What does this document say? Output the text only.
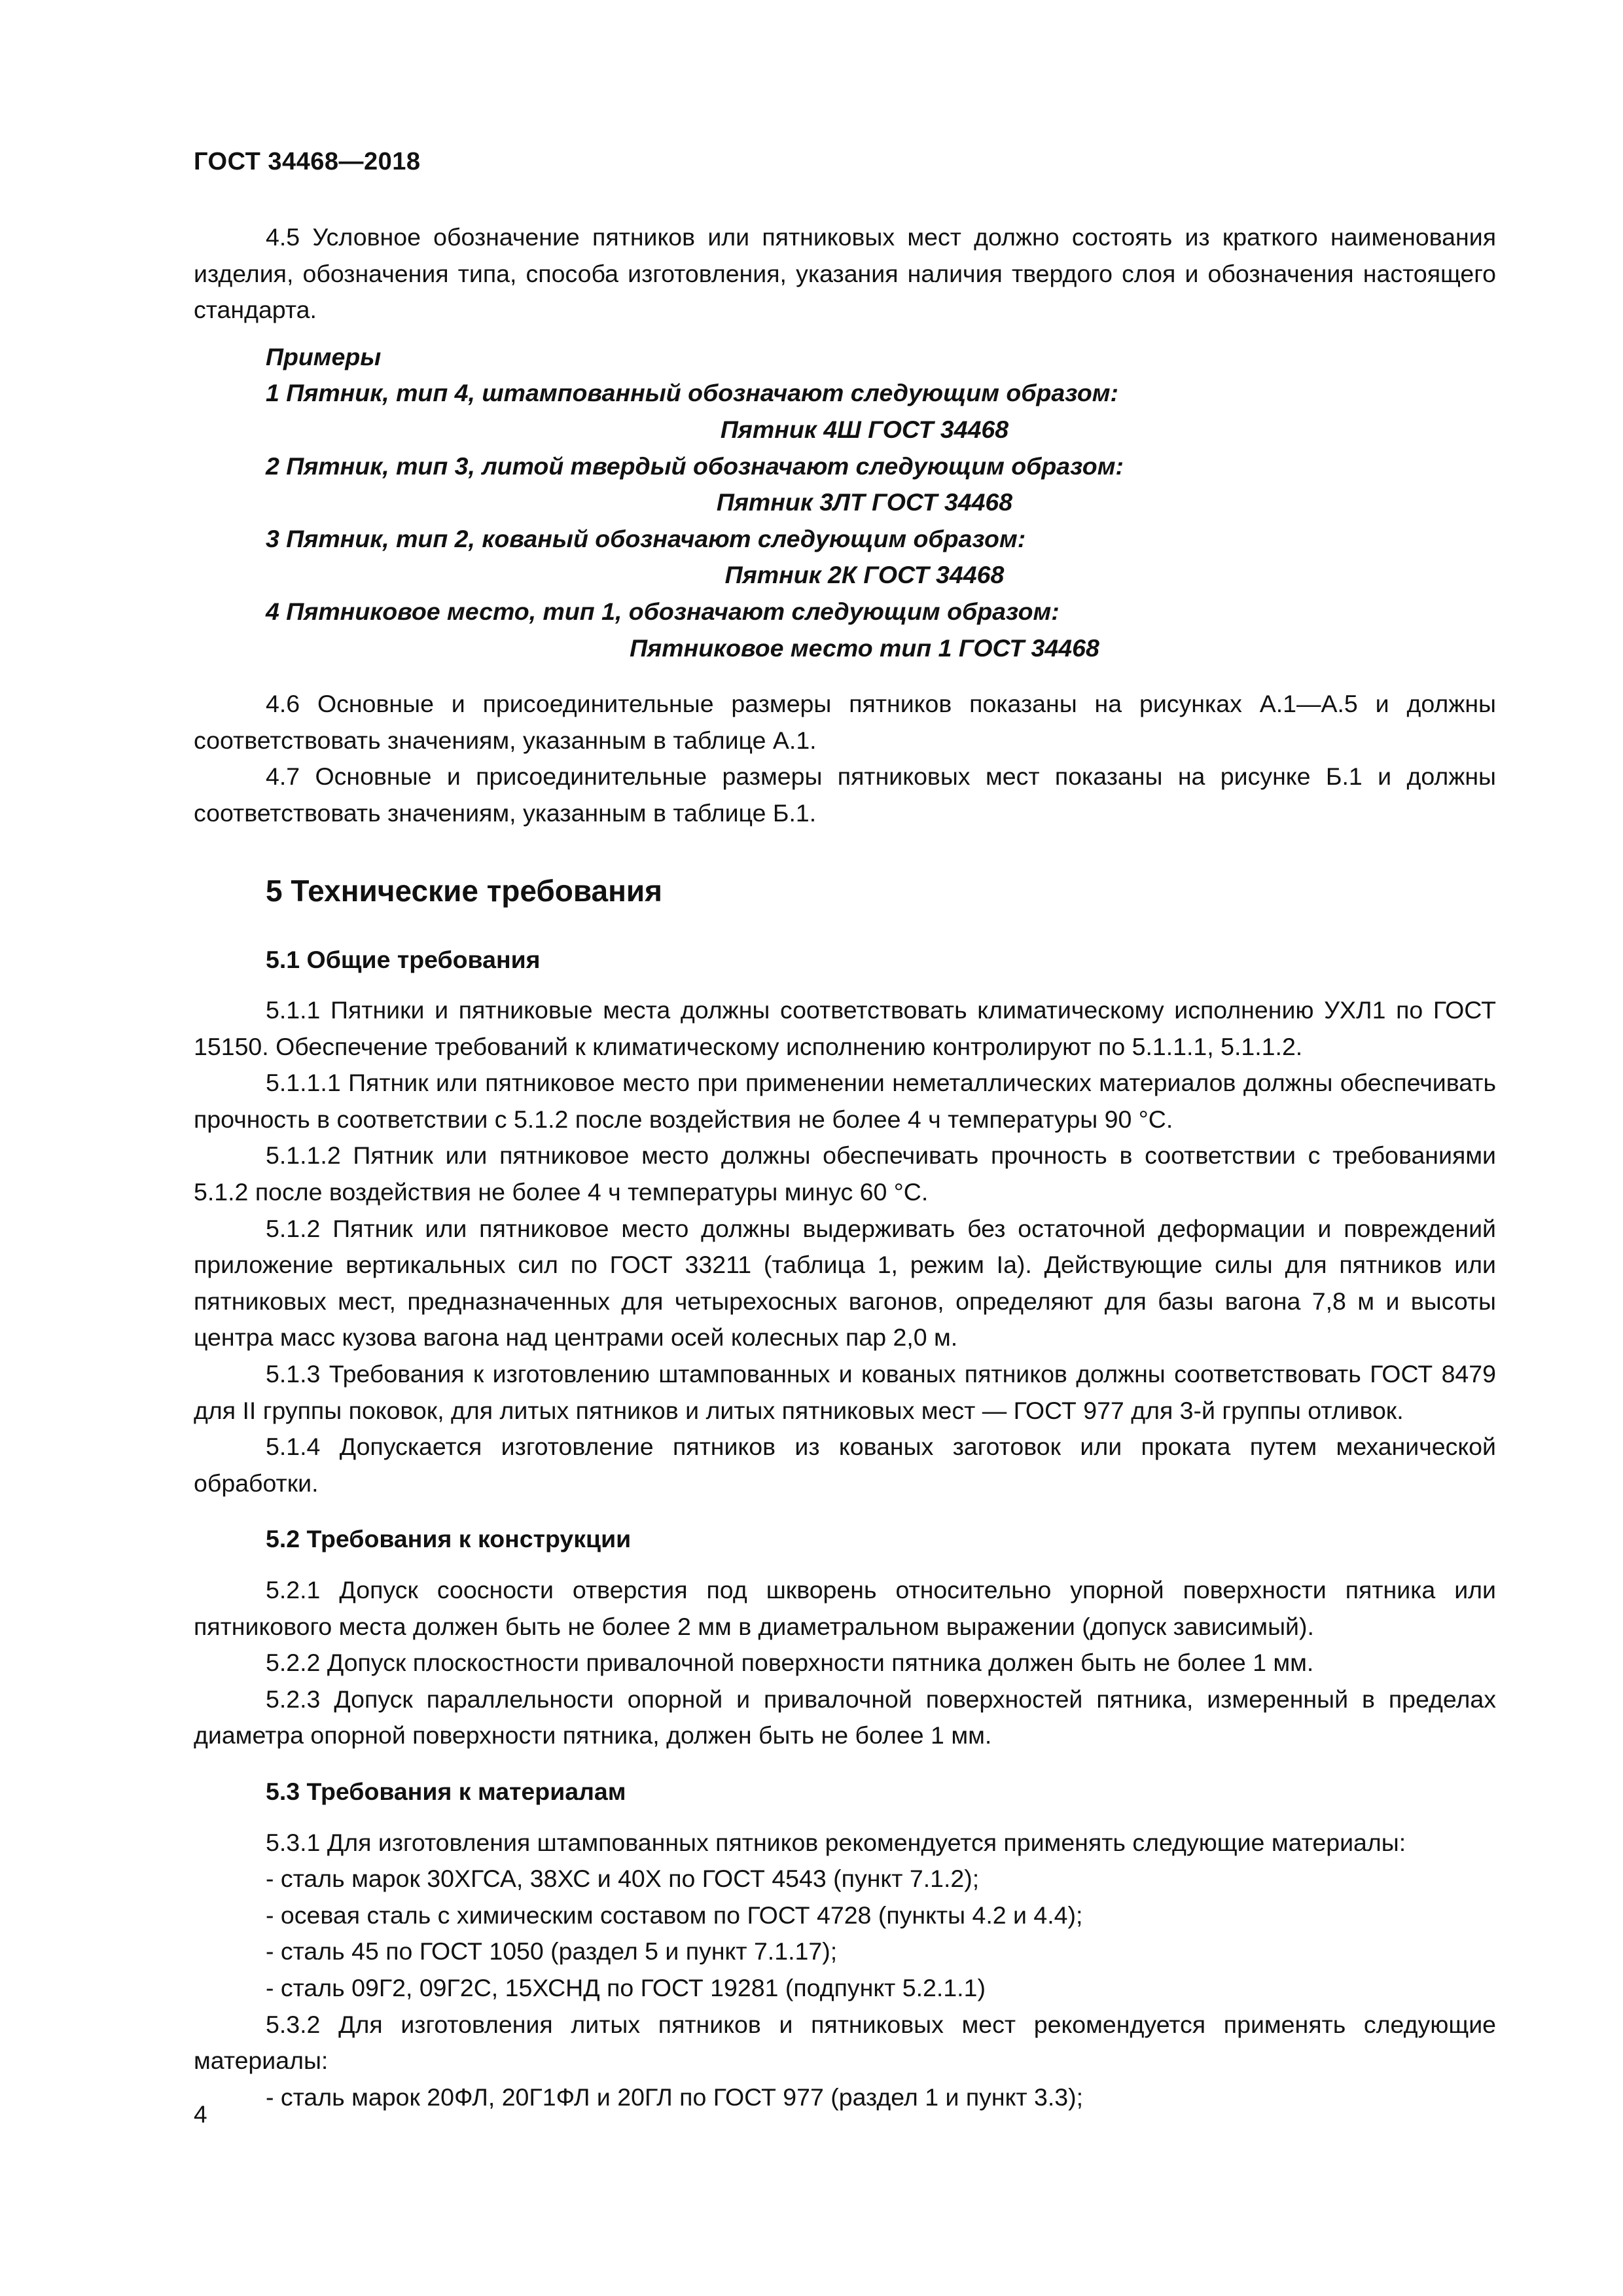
ГОСТ 34468—2018

4.5 Условное обозначение пятников или пятниковых мест должно состоять из краткого наименования изделия, обозначения типа, способа изготовления, указания наличия твердого слоя и обозначения настоящего стандарта.

Примеры

1 Пятник, тип 4, штампованный обозначают следующим образом:

Пятник 4Ш ГОСТ 34468

2 Пятник, тип 3, литой твердый обозначают следующим образом:

Пятник 3ЛТ ГОСТ 34468

3 Пятник, тип 2, кованый обозначают следующим образом:

Пятник 2К ГОСТ 34468

4 Пятниковое место, тип 1, обозначают следующим образом:

Пятниковое место тип 1 ГОСТ 34468

4.6 Основные и присоединительные размеры пятников показаны на рисунках А.1—А.5 и должны соответствовать значениям, указанным в таблице А.1.

4.7 Основные и присоединительные размеры пятниковых мест показаны на рисунке Б.1 и должны соответствовать значениям, указанным в таблице Б.1.

5 Технические требования

5.1 Общие требования

5.1.1 Пятники и пятниковые места должны соответствовать климатическому исполнению УХЛ1 по ГОСТ 15150. Обеспечение требований к климатическому исполнению контролируют по 5.1.1.1, 5.1.1.2.

5.1.1.1 Пятник или пятниковое место при применении неметаллических материалов должны обеспечивать прочность в соответствии с 5.1.2 после воздействия не более 4 ч температуры 90 °С.

5.1.1.2 Пятник или пятниковое место должны обеспечивать прочность в соответствии с требованиями 5.1.2 после воздействия не более 4 ч температуры минус 60 °С.

5.1.2 Пятник или пятниковое место должны выдерживать без остаточной деформации и повреждений приложение вертикальных сил по ГОСТ 33211 (таблица 1, режим Iа). Действующие силы для пятников или пятниковых мест, предназначенных для четырехосных вагонов, определяют для базы вагона 7,8 м и высоты центра масс кузова вагона над центрами осей колесных пар 2,0 м.

5.1.3 Требования к изготовлению штампованных и кованых пятников должны соответствовать ГОСТ 8479 для II группы поковок, для литых пятников и литых пятниковых мест — ГОСТ 977 для 3-й группы отливок.

5.1.4 Допускается изготовление пятников из кованых заготовок или проката путем механической обработки.

5.2 Требования к конструкции

5.2.1 Допуск соосности отверстия под шкворень относительно упорной поверхности пятника или пятникового места должен быть не более 2 мм в диаметральном выражении (допуск зависимый).

5.2.2 Допуск плоскостности привалочной поверхности пятника должен быть не более 1 мм.

5.2.3 Допуск параллельности опорной и привалочной поверхностей пятника, измеренный в пределах диаметра опорной поверхности пятника, должен быть не более 1 мм.

5.3 Требования к материалам

5.3.1 Для изготовления штампованных пятников рекомендуется применять следующие материалы:

- сталь марок 30ХГСА, 38ХС и 40Х по ГОСТ 4543 (пункт 7.1.2);

- осевая сталь с химическим составом по ГОСТ 4728 (пункты 4.2 и 4.4);

- сталь 45 по ГОСТ 1050 (раздел 5 и пункт 7.1.17);

- сталь 09Г2, 09Г2С, 15ХСНД по ГОСТ 19281 (подпункт 5.2.1.1)

5.3.2 Для изготовления литых пятников и пятниковых мест рекомендуется применять следующие материалы:

- сталь марок 20ФЛ, 20Г1ФЛ и 20ГЛ по ГОСТ 977 (раздел 1 и пункт 3.3);

4
